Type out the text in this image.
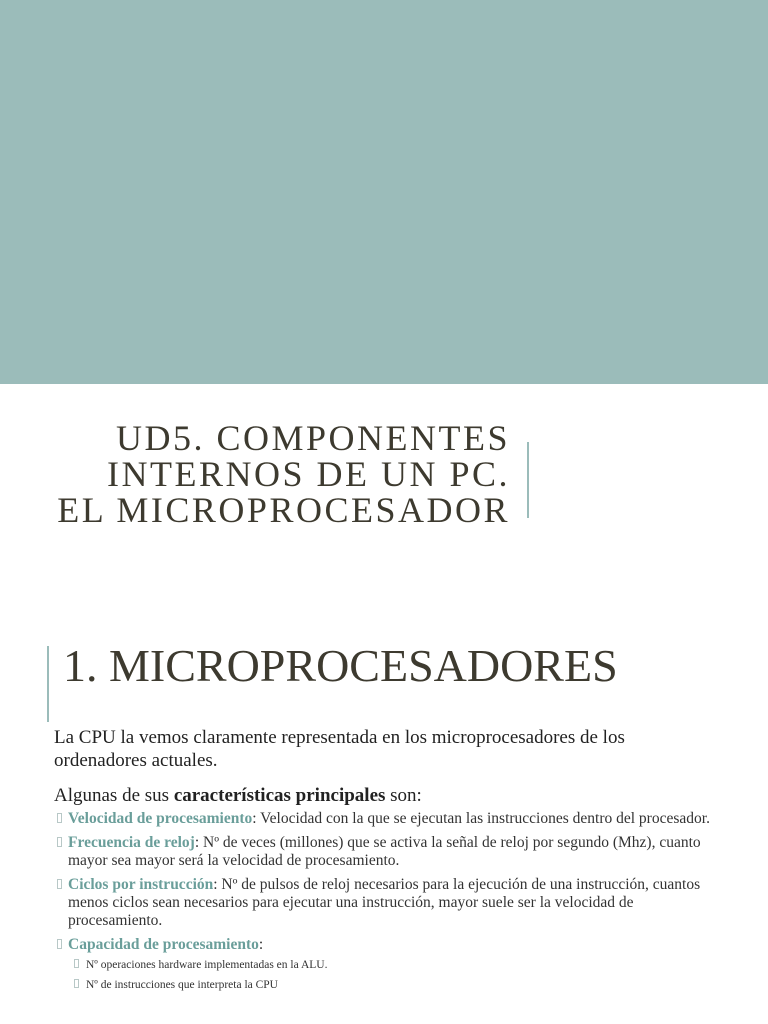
UD5. COMPONENTES
INTERNOS DE UN PC.
EL MICROPROCESADOR
1. MICROPROCESADORES

La CPU la vemos claramente representada en los microprocesadores de los ordenadores actuales.

Algunas de sus características principales son:

Velocidad de procesamiento: Velocidad con la que se ejecutan las instrucciones dentro del procesador.
Frecuencia de reloj: Nº de veces (millones) que se activa la señal de reloj por segundo (Mhz), cuanto mayor sea mayor será la velocidad de procesamiento.
Ciclos por instrucción: Nº de pulsos de reloj necesarios para la ejecución de una instrucción, cuantos menos ciclos sean necesarios para ejecutar una instrucción, mayor suele ser la velocidad de procesamiento.
Capacidad de procesamiento:
Nº operaciones hardware implementadas en la ALU.
Nº de instrucciones que interpreta la CPU
